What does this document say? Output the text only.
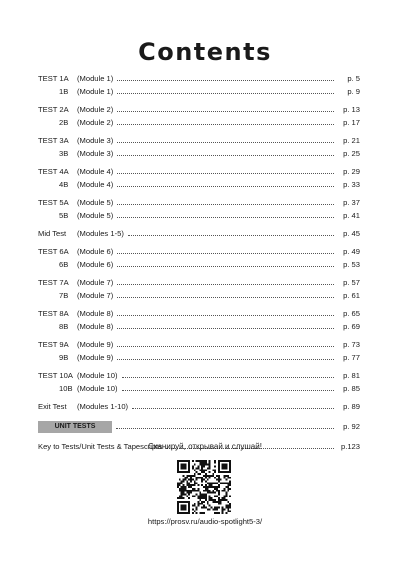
Contents
TEST 1A	(Module 1)	p. 5
1B	(Module 1)	p. 9
TEST 2A	(Module 2)	p. 13
2B	(Module 2)	p. 17
TEST 3A	(Module 3)	p. 21
3B	(Module 3)	p. 25
TEST 4A	(Module 4)	p. 29
4B	(Module 4)	p. 33
TEST 5A	(Module 5)	p. 37
5B	(Module 5)	p. 41
Mid Test	(Modules 1-5)	p. 45
TEST 6A	(Module 6)	p. 49
6B	(Module 6)	p. 53
TEST 7A	(Module 7)	p. 57
7B	(Module 7)	p. 61
TEST 8A	(Module 8)	p. 65
8B	(Module 8)	p. 69
TEST 9A	(Module 9)	p. 73
9B	(Module 9)	p. 77
TEST 10A (Module 10)	p. 81
10B (Module 10)	p. 85
Exit Test	(Modules 1-10)	p. 89
UNIT TESTS	p. 92
Key to Tests/Unit Tests & Tapescripts	p.123
Сканируй, открывай и слушай!
https://prosv.ru/audio-spotlight5-3/
